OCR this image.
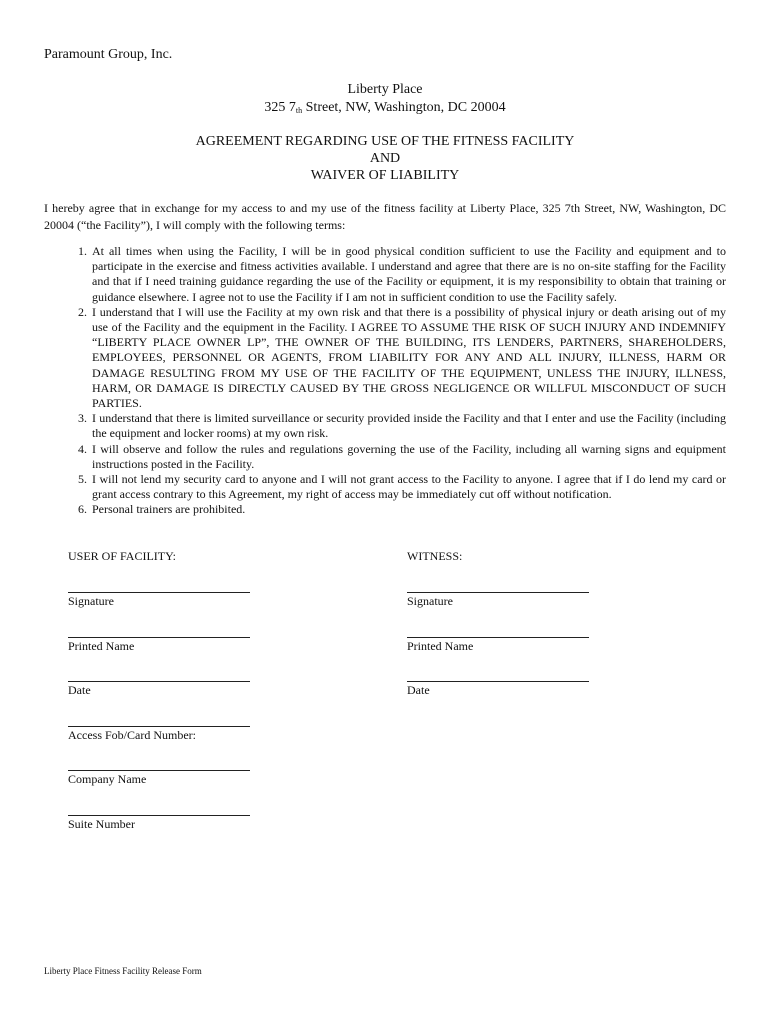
Paramount Group, Inc.
Liberty Place
325 $7_{th}$ Street, NW, Washington, DC 20004
AGREEMENT REGARDING USE OF THE FITNESS FACILITY
AND
WAIVER OF LIABILITY

I hereby agree that in exchange for my access to and my use of the fitness facility at Liberty Place, 325 7th Street, NW, Washington, DC 20004 (“the Facility”), I will comply with the following terms:

1. At all times when using the Facility, I will be in good physical condition sufficient to use the Facility and equipment and to participate in the exercise and fitness activities available. I understand and agree that there are is no on-site staffing for the Facility and that if I need training guidance regarding the use of the Facility or equipment, it is my responsibility to obtain that training or guidance elsewhere. I agree not to use the Facility if I am not in sufficient condition to use the Facility safely.
2. I understand that I will use the Facility at my own risk and that there is a possibility of physical injury or death arising out of my use of the Facility and the equipment in the Facility. I AGREE TO ASSUME THE RISK OF SUCH INJURY AND INDEMNIFY “LIBERTY PLACE OWNER LP”, THE OWNER OF THE BUILDING, ITS LENDERS, PARTNERS, SHAREHOLDERS, EMPLOYEES, PERSONNEL OR AGENTS, FROM LIABILITY FOR ANY AND ALL INJURY, ILLNESS, HARM OR DAMAGE RESULTING FROM MY USE OF THE FACILITY OF THE EQUIPMENT, UNLESS THE INJURY, ILLNESS, HARM, OR DAMAGE IS DIRECTLY CAUSED BY THE GROSS NEGLIGENCE OR WILLFUL MISCONDUCT OF SUCH PARTIES.
3. I understand that there is limited surveillance or security provided inside the Facility and that I enter and use the Facility (including the equipment and locker rooms) at my own risk.
4. I will observe and follow the rules and regulations governing the use of the Facility, including all warning signs and equipment instructions posted in the Facility.
5. I will not lend my security card to anyone and I will not grant access to the Facility to anyone. I agree that if I do lend my card or grant access contrary to this Agreement, my right of access may be immediately cut off without notification.
6. Personal trainers are prohibited.
USER OF FACILITY:
Signature
Printed Name
Date
Access Fob/Card Number:
Company Name
Suite Number
WITNESS:
Signature
Printed Name
Date
Liberty Place Fitness Facility Release Form
